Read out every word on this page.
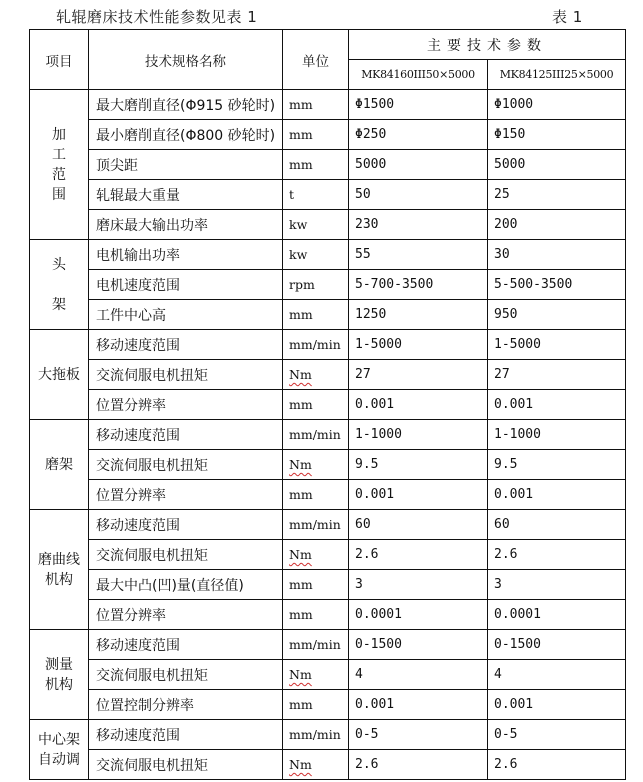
轧辊磨床技术性能参数见表 1	表 1
项目	技术规格名称	单位	主要技术参数	
			MK84160III50×5000	MK84125III25×5000
加
工
范
围	最大磨削直径(Φ915 砂轮时)	mm	Φ1500	Φ1000
	最小磨削直径(Φ800 砂轮时)	mm	Φ250	Φ150
	顶尖距	mm	5000	5000
	轧辊最大重量	t	50	25
	磨床最大输出功率	kw	230	200
头

架	电机输出功率	kw	55	30
	电机速度范围	rpm	5-700-3500	5-500-3500
	工件中心高	mm	1250	950
大拖板	移动速度范围	mm/min	1-5000	1-5000
	交流伺服电机扭矩	Nm	27	27
	位置分辨率	mm	0.001	0.001
磨架	移动速度范围	mm/min	1-1000	1-1000
	交流伺服电机扭矩	Nm	9.5	9.5
	位置分辨率	mm	0.001	0.001
磨曲线
机构	移动速度范围	mm/min	60	60
	交流伺服电机扭矩	Nm	2.6	2.6
	最大中凸(凹)量(直径值)	mm	3	3
	位置分辨率	mm	0.0001	0.0001
测量
机构	移动速度范围	mm/min	0-1500	0-1500
	交流伺服电机扭矩	Nm	4	4
	位置控制分辨率	mm	0.001	0.001
中心架
自动调	移动速度范围	mm/min	0-5	0-5
	交流伺服电机扭矩	Nm	2.6	2.6
